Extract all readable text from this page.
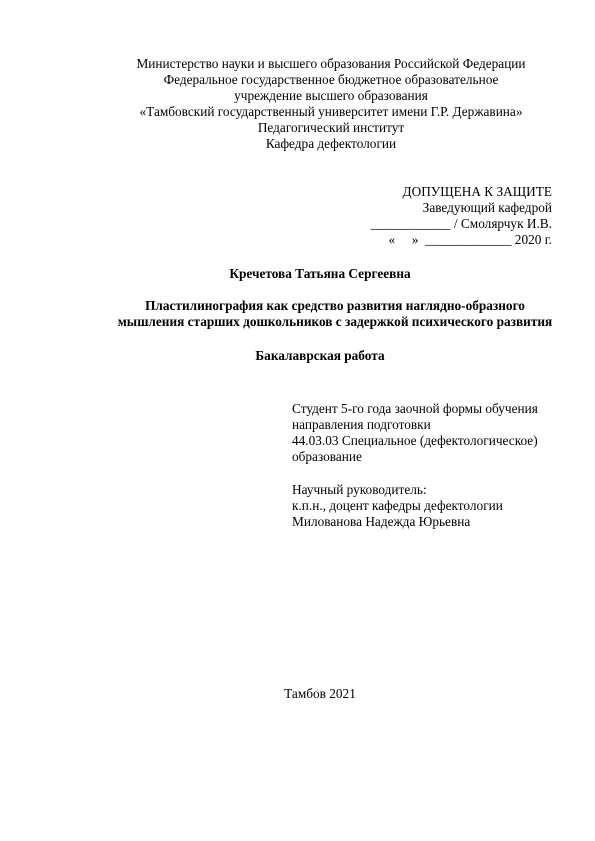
Министерство науки и высшего образования Российской Федерации
Федеральное государственное бюджетное образовательное
учреждение высшего образования
«Тамбовский государственный университет имени Г.Р. Державина»
Педагогический институт
Кафедра дефектологии
ДОПУЩЕНА К ЗАЩИТЕ
Заведующий кафедрой
____________ / Смолярчук И.В.
«     »  _____________ 2020 г.
Кречетова Татьяна Сергеевна
Пластилинография как средство развития наглядно-образного
мышления старших дошкольников с задержкой психического развития
Бакалаврская работа
Студент 5-го года заочной формы обучения
направления подготовки
44.03.03 Специальное (дефектологическое)
образование
Научный руководитель:
к.п.н., доцент кафедры дефектологии
Милованова Надежда Юрьевна
Тамбов 2021
